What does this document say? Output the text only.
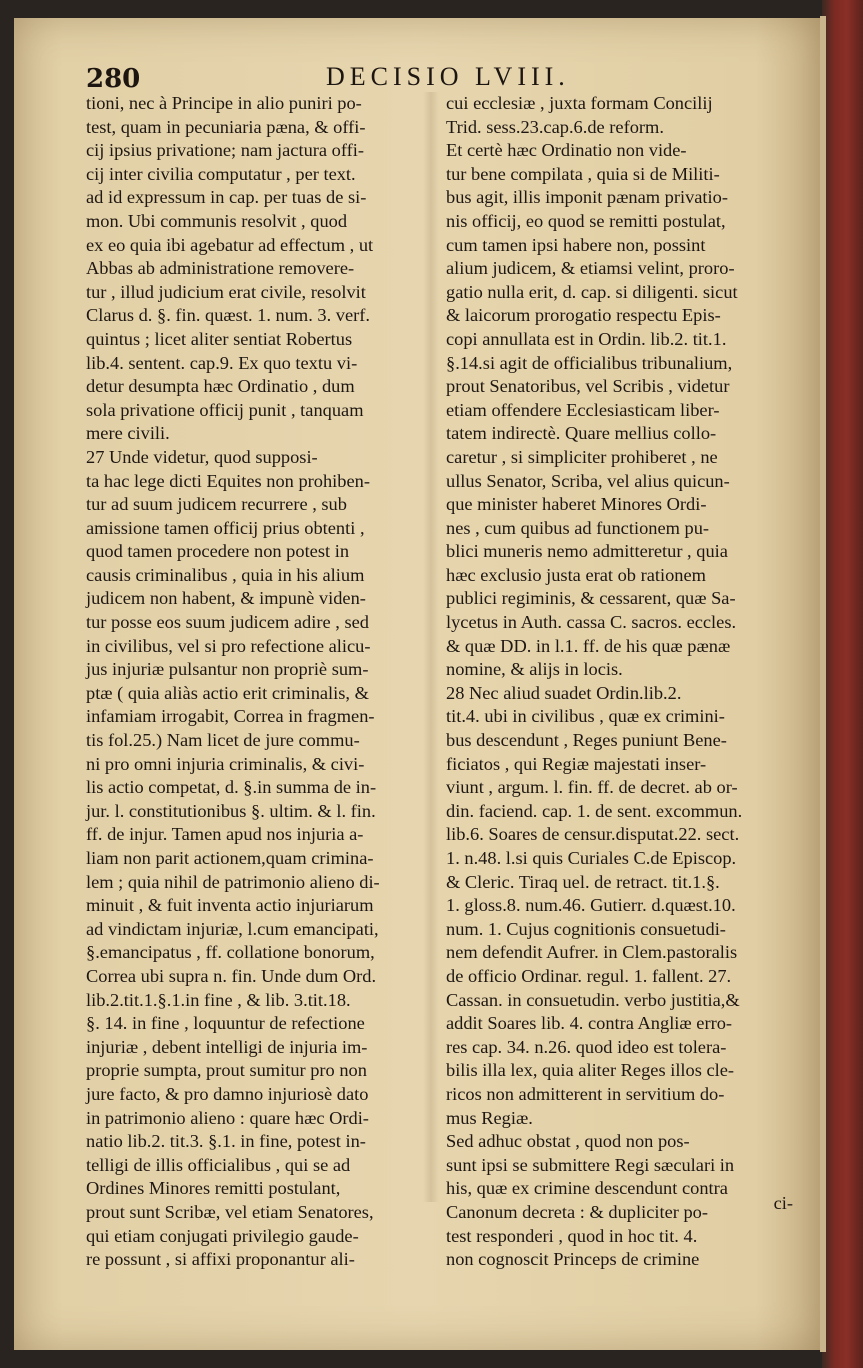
280	DECISIO LVIII.
tioni, nec à Principe in alio puniri po-
test, quam in pecuniaria pæna, & offi-
cij ipsius privatione; nam jactura offi-
cij inter civilia computatur , per text.
ad id expressum in cap. per tuas de si-
mon. Ubi communis resolvit , quod
ex eo quia ibi agebatur ad effectum , ut
Abbas ab administratione removere-
tur , illud judicium erat civile, resolvit
Clarus d. §. fin. quæst. 1. num. 3. verf.
quintus ; licet aliter sentiat Robertus
lib.4. sentent. cap.9. Ex quo textu vi-
detur desumpta hæc Ordinatio , dum
sola privatione officij punit , tanquam
mere civili.
27 Unde videtur, quod supposi-
ta hac lege dicti Equites non prohiben-
tur ad suum judicem recurrere , sub
amissione tamen officij prius obtenti ,
quod tamen procedere non potest in
causis criminalibus , quia in his alium
judicem non habent, & impunè viden-
tur posse eos suum judicem adire , sed
in civilibus, vel si pro refectione alicu-
jus injuriæ pulsantur non propriè sum-
ptæ ( quia aliàs actio erit criminalis, &
infamiam irrogabit, Correa in fragmen-
tis fol.25.) Nam licet de jure commu-
ni pro omni injuria criminalis, & civi-
lis actio competat, d. §.in summa de in-
jur. l. constitutionibus §. ultim. & l. fin.
ff. de injur. Tamen apud nos injuria a-
liam non parit actionem,quam crimina-
lem ; quia nihil de patrimonio alieno di-
minuit , & fuit inventa actio injuriarum
ad vindictam injuriæ, l.cum emancipati,
§.emancipatus , ff. collatione bonorum,
Correa ubi supra n. fin. Unde dum Ord.
lib.2.tit.1.§.1.in fine , & lib. 3.tit.18.
§. 14. in fine , loquuntur de refectione
injuriæ , debent intelligi de injuria im-
proprie sumpta, prout sumitur pro non
jure facto, & pro damno injuriosè dato
in patrimonio alieno : quare hæc Ordi-
natio lib.2. tit.3. §.1. in fine, potest in-
telligi de illis officialibus , qui se ad
Ordines Minores remitti postulant,
prout sunt Scribæ, vel etiam Senatores,
qui etiam conjugati privilegio gaude-
re possunt , si affixi proponantur ali-
cui ecclesiæ , juxta formam Concilij
Trid. sess.23.cap.6.de reform.
Et certè hæc Ordinatio non vide-
tur bene compilata , quia si de Militi-
bus agit, illis imponit pænam privatio-
nis officij, eo quod se remitti postulat,
cum tamen ipsi habere non, possint
alium judicem, & etiamsi velint, proro-
gatio nulla erit, d. cap. si diligenti. sicut
& laicorum prorogatio respectu Epis-
copi annullata est in Ordin. lib.2. tit.1.
§.14.si agit de officialibus tribunalium,
prout Senatoribus, vel Scribis , videtur
etiam offendere Ecclesiasticam liber-
tatem indirectè. Quare mellius collo-
caretur , si simpliciter prohiberet , ne
ullus Senator, Scriba, vel alius quicun-
que minister haberet Minores Ordi-
nes , cum quibus ad functionem pu-
blici muneris nemo admitteretur , quia
hæc exclusio justa erat ob rationem
publici regiminis, & cessarent, quæ Sa-
lycetus in Auth. cassa C. sacros. eccles.
& quæ DD. in l.1. ff. de his quæ pænæ
nomine, & alijs in locis.
28 Nec aliud suadet Ordin.lib.2.
tit.4. ubi in civilibus , quæ ex crimini-
bus descendunt , Reges puniunt Bene-
ficiatos , qui Regiæ majestati inser-
viunt , argum. l. fin. ff. de decret. ab or-
din. faciend. cap. 1. de sent. excommun.
lib.6. Soares de censur.disputat.22. sect.
1. n.48. l.si quis Curiales C.de Episcop.
& Cleric. Tiraq uel. de retract. tit.1.§.
1. gloss.8. num.46. Gutierr. d.quæst.10.
num. 1. Cujus cognitionis consuetudi-
nem defendit Aufrer. in Clem.pastoralis
de officio Ordinar. regul. 1. fallent. 27.
Cassan. in consuetudin. verbo justitia,&
addit Soares lib. 4. contra Angliæ erro-
res cap. 34. n.26. quod ideo est tolera-
bilis illa lex, quia aliter Reges illos cle-
ricos non admitterent in servitium do-
mus Regiæ.
Sed adhuc obstat , quod non pos-
sunt ipsi se submittere Regi sæculari in
his, quæ ex crimine descendunt contra
Canonum decreta : & dupliciter po-
test responderi , quod in hoc tit. 4.
non cognoscit Princeps de crimine
ci-
